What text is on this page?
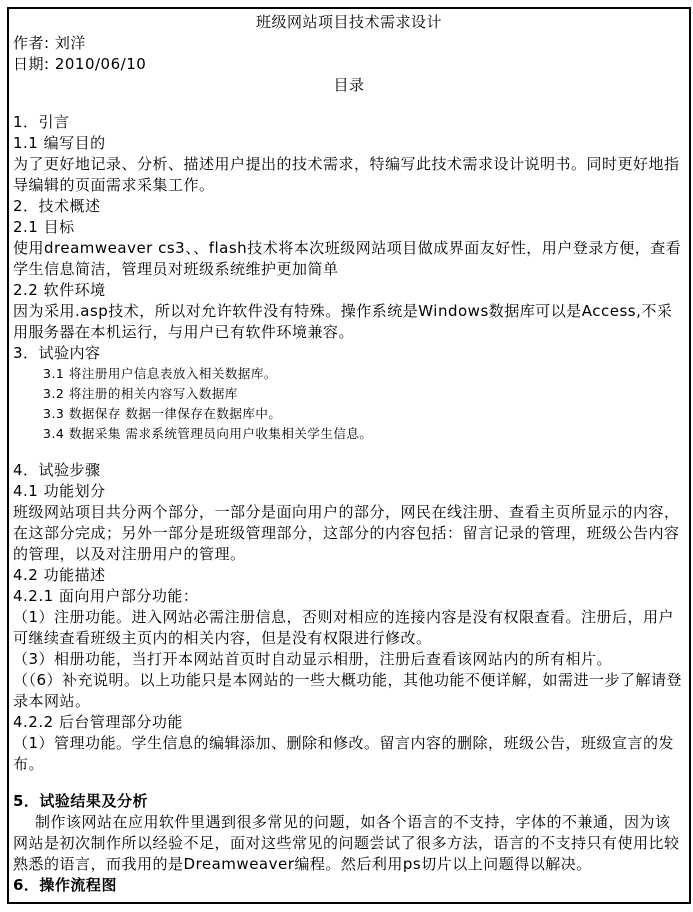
班级网站项目技术需求设计
作者: 刘洋
日期: 2010/06/10
目录
1．引言
1.1 编写目的
为了更好地记录、分析、描述用户提出的技术需求，特编写此技术需求设计说明书。同时更好地指导编辑的页面需求采集工作。
2．技术概述
2.1 目标
使用dreamweaver cs3、、flash技术将本次班级网站项目做成界面友好性，用户登录方便，查看学生信息简洁，管理员对班级系统维护更加简单
2.2 软件环境
因为采用.asp技术，所以对允许软件没有特殊。操作系统是Windows数据库可以是Access,不采用服务器在本机运行，与用户已有软件环境兼容。
3．试验内容
3.1 将注册用户信息表放入相关数据库。
3.2 将注册的相关内容写入数据库
3.3 数据保存 数据一律保存在数据库中。
3.4 数据采集 需求系统管理员向用户收集相关学生信息。
4．试验步骤
4.1 功能划分
班级网站项目共分两个部分，一部分是面向用户的部分，网民在线注册、查看主页所显示的内容，在这部分完成；另外一部分是班级管理部分，这部分的内容包括：留言记录的管理，班级公告内容的管理，以及对注册用户的管理。
4.2 功能描述
4.2.1 面向用户部分功能：
（1）注册功能。进入网站必需注册信息，否则对相应的连接内容是没有权限查看。注册后，用户可继续查看班级主页内的相关内容，但是没有权限进行修改。
（3）相册功能，当打开本网站首页时自动显示相册，注册后查看该网站内的所有相片。
（（6）补充说明。以上功能只是本网站的一些大概功能，其他功能不便详解，如需进一步了解请登录本网站。
4.2.2 后台管理部分功能
（1）管理功能。学生信息的编辑添加、删除和修改。留言内容的删除，班级公告，班级宣言的发布。
5．试验结果及分析
制作该网站在应用软件里遇到很多常见的问题，如各个语言的不支持，字体的不兼通，因为该网站是初次制作所以经验不足，面对这些常见的问题尝试了很多方法，语言的不支持只有使用比较熟悉的语言，而我用的是Dreamweaver编程。然后利用ps切片以上问题得以解决。
6．操作流程图
